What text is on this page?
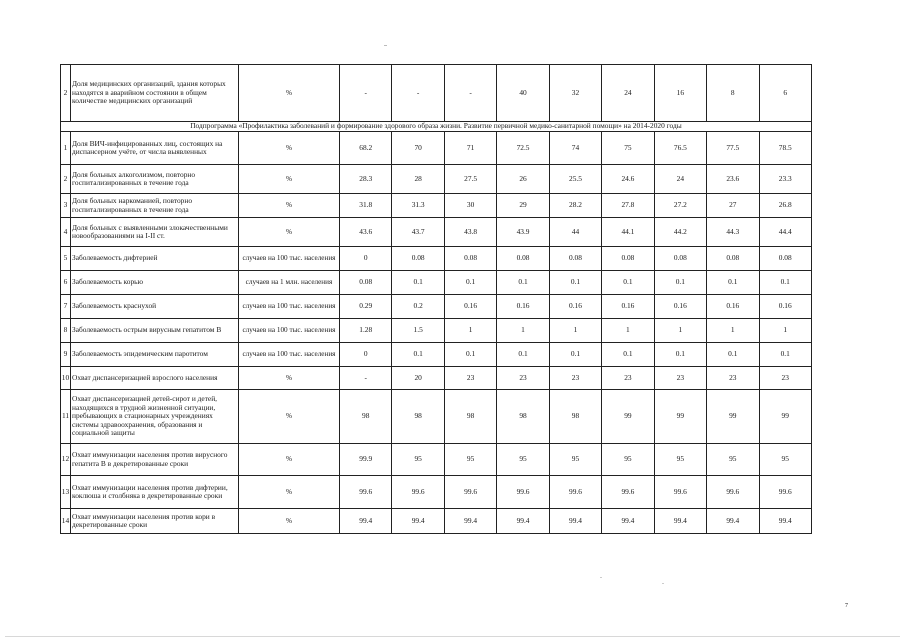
2	Доля медицинских организаций, здания которых находятся в аварийном состоянии в общем количестве медицинских организаций	%	-	-	-	40	32	24	16	8	6
Подпрограмма «Профилактика заболеваний и формирование здорового образа жизни. Развитие первичной медико-санитарной помощи» на 2014-2020 годы											
1	Доля ВИЧ-инфицированных лиц, состоящих на диспансерном учёте, от числа выявленных	%	68.2	70	71	72.5	74	75	76.5	77.5	78.5
2	Доля больных алкоголизмом, повторно госпитализированных в течение года	%	28.3	28	27.5	26	25.5	24.6	24	23.6	23.3
3	Доля больных наркоманией, повторно госпитализированных в течение года	%	31.8	31.3	30	29	28.2	27.8	27.2	27	26.8
4	Доля больных с выявленными злокачественными новообразованиями на I-II ст.	%	43.6	43.7	43.8	43.9	44	44.1	44.2	44.3	44.4
5	Заболеваемость дифтерией	случаев на 100 тыс. населения	0	0.08	0.08	0.08	0.08	0.08	0.08	0.08	0.08
6	Заболеваемость корью	случаев на 1 млн. населения	0.08	0.1	0.1	0.1	0.1	0.1	0.1	0.1	0.1
7	Заболеваемость краснухой	случаев на 100 тыс. населения	0.29	0.2	0.16	0.16	0.16	0.16	0.16	0.16	0.16
8	Заболеваемость острым вирусным гепатитом В	случаев на 100 тыс. населения	1.28	1.5	1	1	1	1	1	1	1
9	Заболеваемость эпидемическим паротитом	случаев на 100 тыс. населения	0	0.1	0.1	0.1	0.1	0.1	0.1	0.1	0.1
10	Охват диспансеризацией взрослого населения	%	-	20	23	23	23	23	23	23	23
11	Охват диспансеризацией детей-сирот и детей, находящихся в трудной жизненной ситуации, пребывающих в стационарных учреждениях системы здравоохранения, образования и социальной защиты	%	98	98	98	98	98	99	99	99	99
12	Охват иммунизации населения против вирусного гепатита В в декретированные сроки	%	99.9	95	95	95	95	95	95	95	95
13	Охват иммунизации населения против дифтерии, коклюша и столбняка в декретированные сроки	%	99.6	99.6	99.6	99.6	99.6	99.6	99.6	99.6	99.6
14	Охват иммунизации населения против кори в декретированные сроки	%	99.4	99.4	99.4	99.4	99.4	99.4	99.4	99.4	99.4
7
